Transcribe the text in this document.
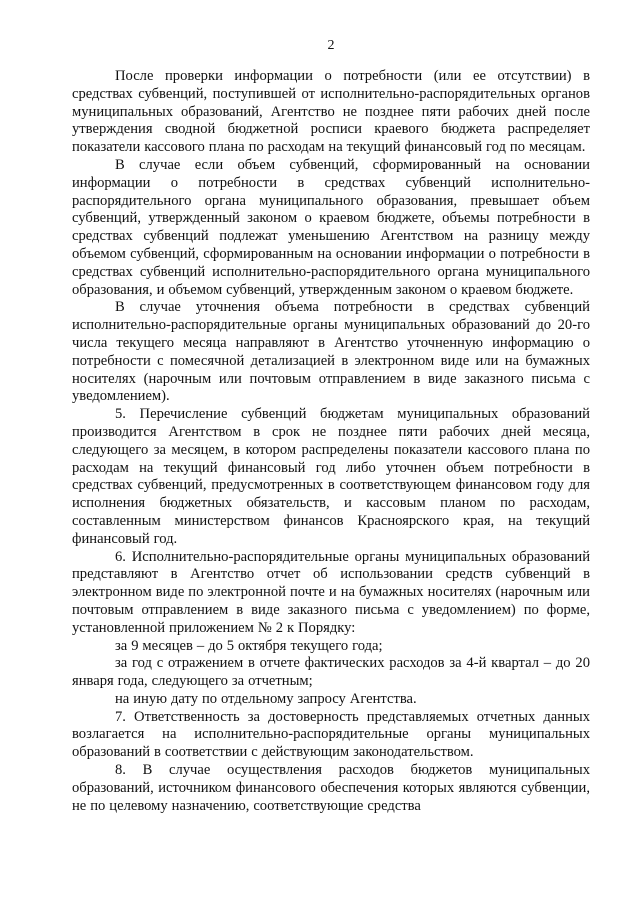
2

После проверки информации о потребности (или ее отсутствии) в средствах субвенций, поступившей от исполнительно-распорядительных органов муниципальных образований, Агентство не позднее пяти рабочих дней после утверждения сводной бюджетной росписи краевого бюджета распределяет показатели кассового плана по расходам на текущий финансовый год по месяцам.

В случае если объем субвенций, сформированный на основании информации о потребности в средствах субвенций исполнительно-распорядительного органа муниципального образования, превышает объем субвенций, утвержденный законом о краевом бюджете, объемы потребности в средствах субвенций подлежат уменьшению Агентством на разницу между объемом субвенций, сформированным на основании информации о потребности в средствах субвенций исполнительно-распорядительного органа муниципального образования, и объемом субвенций, утвержденным законом о краевом бюджете.

В случае уточнения объема потребности в средствах субвенций исполнительно-распорядительные органы муниципальных образований до 20-го числа текущего месяца направляют в Агентство уточненную информацию о потребности с помесячной детализацией в электронном виде или на бумажных носителях (нарочным или почтовым отправлением в виде заказного письма с уведомлением).

5. Перечисление субвенций бюджетам муниципальных образований производится Агентством в срок не позднее пяти рабочих дней месяца, следующего за месяцем, в котором распределены показатели кассового плана по расходам на текущий финансовый год либо уточнен объем потребности в средствах субвенций, предусмотренных в соответствующем финансовом году для исполнения бюджетных обязательств, и кассовым планом по расходам, составленным министерством финансов Красноярского края, на текущий финансовый год.

6. Исполнительно-распорядительные органы муниципальных образований представляют в Агентство отчет об использовании средств субвенций в электронном виде по электронной почте и на бумажных носителях (нарочным или почтовым отправлением в виде заказного письма с уведомлением) по форме, установленной приложением № 2 к Порядку:

за 9 месяцев – до 5 октября текущего года;

за год с отражением в отчете фактических расходов за 4-й квартал – до 20 января года, следующего за отчетным;

на иную дату по отдельному запросу Агентства.

7. Ответственность за достоверность представляемых отчетных данных возлагается на исполнительно-распорядительные органы муниципальных образований в соответствии с действующим законодательством.

8. В случае осуществления расходов бюджетов муниципальных образований, источником финансового обеспечения которых являются субвенции, не по целевому назначению, соответствующие средства
